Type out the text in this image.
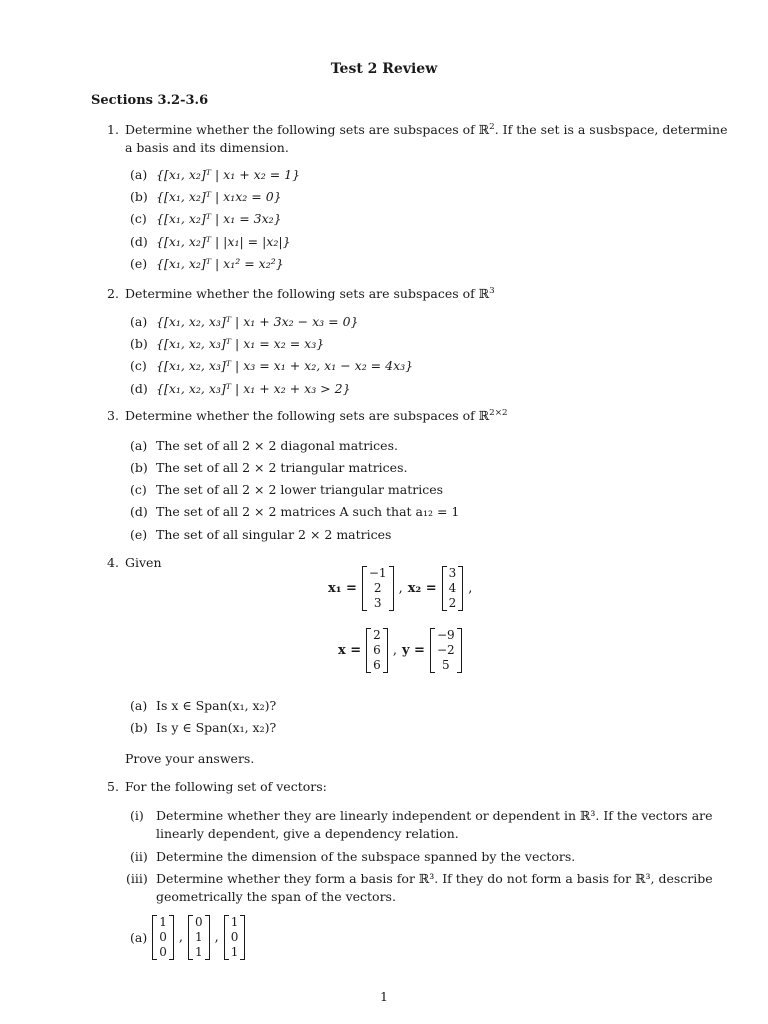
Test 2 Review
Sections 3.2-3.6
1. Determine whether the following sets are subspaces of ℝ$^2$. If the set is a susbspace, determine
a basis and its dimension.
(a) {[x₁, x₂]ᵀ | x₁ + x₂ = 1}
(b) {[x₁, x₂]ᵀ | x₁x₂ = 0}
(c) {[x₁, x₂]ᵀ | x₁ = 3x₂}
(d) {[x₁, x₂]ᵀ | |x₁| = |x₂|}
(e) {[x₁, x₂]ᵀ | x₁² = x₂²}
2. Determine whether the following sets are subspaces of ℝ$^3$
(a) {[x₁, x₂, x₃]ᵀ | x₁ + 3x₂ − x₃ = 0}
(b) {[x₁, x₂, x₃]ᵀ | x₁ = x₂ = x₃}
(c) {[x₁, x₂, x₃]ᵀ | x₃ = x₁ + x₂, x₁ − x₂ = 4x₃}
(d) {[x₁, x₂, x₃]ᵀ | x₁ + x₂ + x₃ > 2}
3. Determine whether the following sets are subspaces of ℝ$^{2\times 2}$
(a) The set of all 2 × 2 diagonal matrices.
(b) The set of all 2 × 2 triangular matrices.
(c) The set of all 2 × 2 lower triangular matrices
(d) The set of all 2 × 2 matrices A such that a₁₂ = 1
(e) The set of all singular 2 × 2 matrices
4. Given
x₁ =
−1
2
3
, x₂ =
3
4
2
,
x =
2
6
6
, y =
−9
−2
5
(a) Is x ∈ Span(x₁, x₂)?
(b) Is y ∈ Span(x₁, x₂)?
Prove your answers.
5. For the following set of vectors:
(i) Determine whether they are linearly independent or dependent in ℝ³. If the vectors are
linearly dependent, give a dependency relation.
(ii) Determine the dimension of the subspace spanned by the vectors.
(iii) Determine whether they form a basis for ℝ³. If they do not form a basis for ℝ³, describe
geometrically the span of the vectors.
(a)
1
0
0
,
0
1
1
,
1
0
1
1
